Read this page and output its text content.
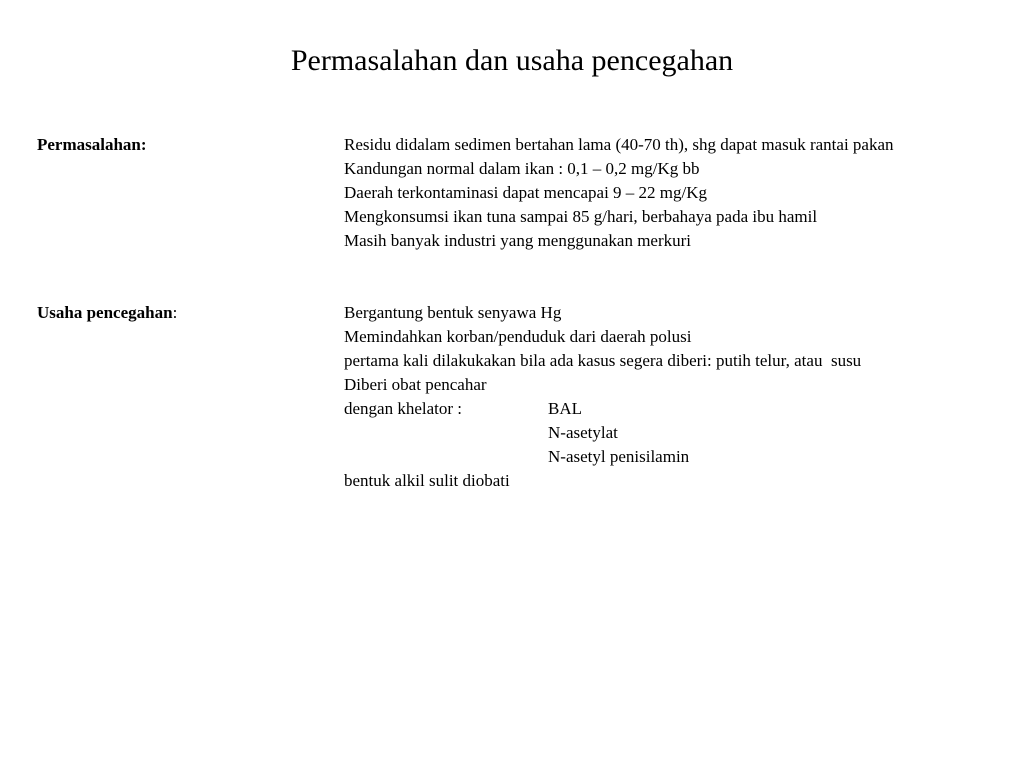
Permasalahan dan usaha pencegahan
Permasalahan:	Residu didalam sedimen bertahan lama (40-70 th), shg dapat masuk rantai pakan
Kandungan normal dalam ikan : 0,1 – 0,2 mg/Kg bb
Daerah terkontaminasi dapat mencapai 9 – 22 mg/Kg
Mengkonsumsi ikan tuna sampai 85 g/hari, berbahaya pada ibu hamil
Masih banyak industri yang menggunakan merkuri
Usaha pencegahan:	Bergantung bentuk senyawa Hg
Memindahkan korban/penduduk dari daerah polusi
pertama kali dilakukakan bila ada kasus segera diberi: putih telur, atau  susu
Diberi obat pencahar
dengan khelator :
bentuk alkil sulit diobati
BAL
N-asetylat
N-asetyl penisilamin
